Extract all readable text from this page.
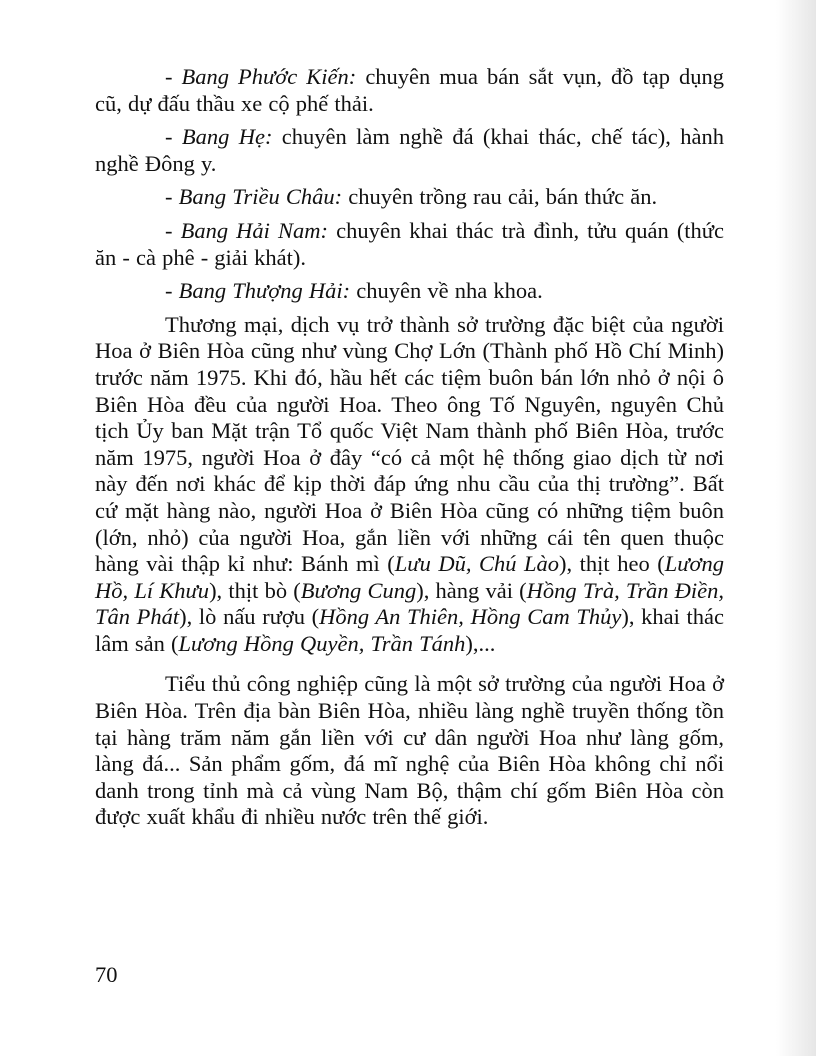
- Bang Phước Kiến: chuyên mua bán sắt vụn, đồ tạp dụng cũ, dự đấu thầu xe cộ phế thải.

- Bang Hẹ: chuyên làm nghề đá (khai thác, chế tác), hành nghề Đông y.

- Bang Triều Châu: chuyên trồng rau cải, bán thức ăn.

- Bang Hải Nam: chuyên khai thác trà đình, tửu quán (thức ăn - cà phê - giải khát).

- Bang Thượng Hải: chuyên về nha khoa.

Thương mại, dịch vụ trở thành sở trường đặc biệt của người Hoa ở Biên Hòa cũng như vùng Chợ Lớn (Thành phố Hồ Chí Minh) trước năm 1975. Khi đó, hầu hết các tiệm buôn bán lớn nhỏ ở nội ô Biên Hòa đều của người Hoa. Theo ông Tố Nguyên, nguyên Chủ tịch Ủy ban Mặt trận Tổ quốc Việt Nam thành phố Biên Hòa, trước năm 1975, người Hoa ở đây “có cả một hệ thống giao dịch từ nơi này đến nơi khác để kịp thời đáp ứng nhu cầu của thị trường”. Bất cứ mặt hàng nào, người Hoa ở Biên Hòa cũng có những tiệm buôn (lớn, nhỏ) của người Hoa, gắn liền với những cái tên quen thuộc hàng vài thập kỉ như: Bánh mì (Lưu Dũ, Chú Lào), thịt heo (Lương Hồ, Lí Khưu), thịt bò (Bương Cung), hàng vải (Hồng Trà, Trần Điền, Tân Phát), lò nấu rượu (Hồng An Thiên, Hồng Cam Thủy), khai thác lâm sản (Lương Hồng Quyền, Trần Tánh),...

Tiểu thủ công nghiệp cũng là một sở trường của người Hoa ở Biên Hòa. Trên địa bàn Biên Hòa, nhiều làng nghề truyền thống tồn tại hàng trăm năm gắn liền với cư dân người Hoa như làng gốm, làng đá... Sản phẩm gốm, đá mĩ nghệ của Biên Hòa không chỉ nổi danh trong tỉnh mà cả vùng Nam Bộ, thậm chí gốm Biên Hòa còn được xuất khẩu đi nhiều nước trên thế giới.

70
